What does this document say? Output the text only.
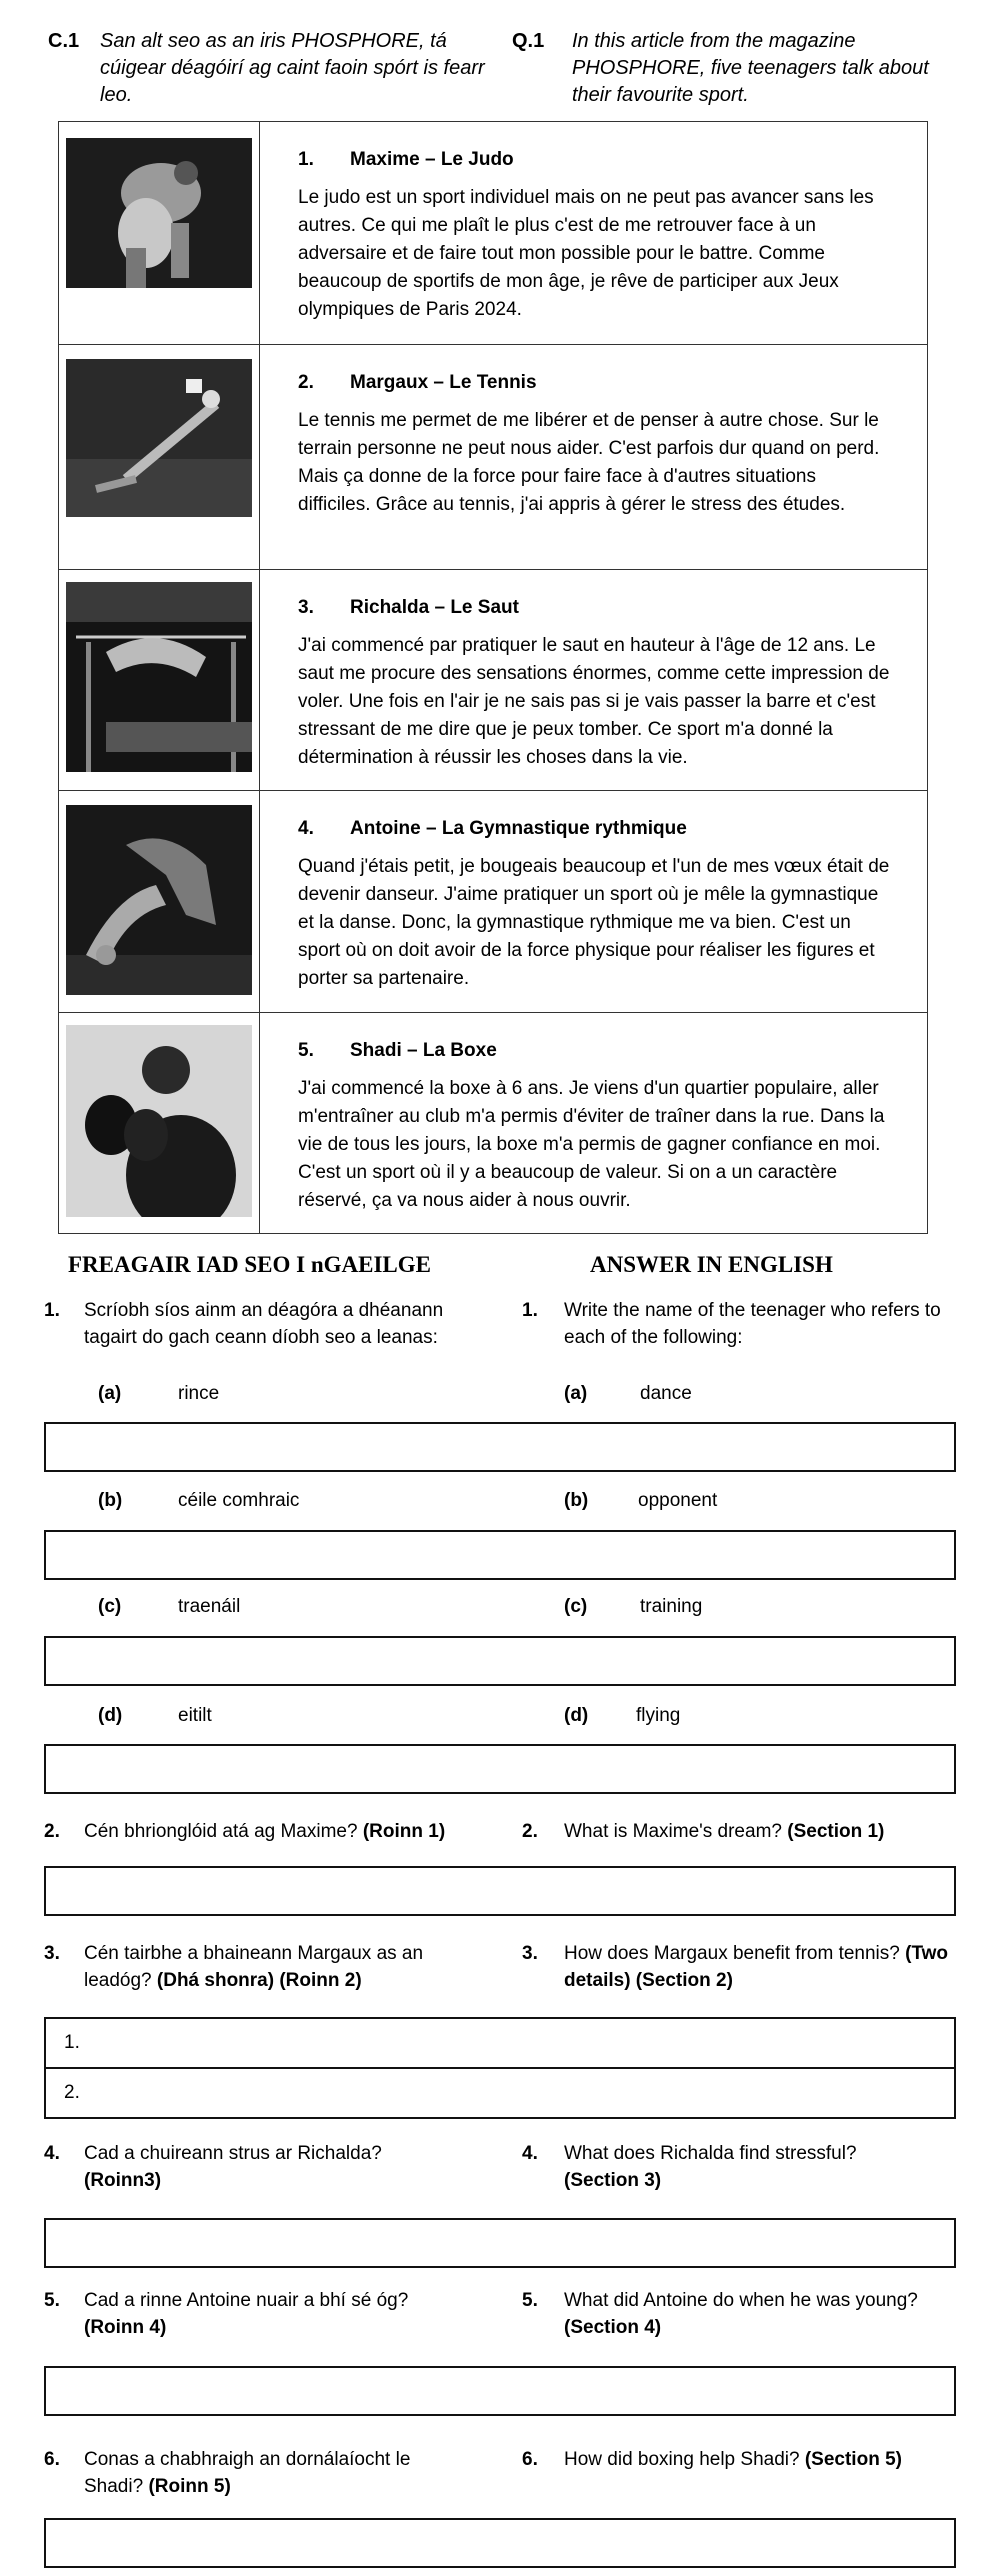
C.1 San alt seo as an iris PHOSPHORE, tá cúigear déagóirí ag caint faoin spórt is fearr leo.
Q.1 In this article from the magazine PHOSPHORE, five teenagers talk about their favourite sport.

1. Maxime – Le Judo
Le judo est un sport individuel mais on ne peut pas avancer sans les autres. Ce qui me plaît le plus c'est de me retrouver face à un adversaire et de faire tout mon possible pour le battre. Comme beaucoup de sportifs de mon âge, je rêve de participer aux Jeux olympiques de Paris 2024.

2. Margaux – Le Tennis
Le tennis me permet de me libérer et de penser à autre chose. Sur le terrain personne ne peut nous aider. C'est parfois dur quand on perd. Mais ça donne de la force pour faire face à d'autres situations difficiles. Grâce au tennis, j'ai appris à gérer le stress des études.

3. Richalda – Le Saut
J'ai commencé par pratiquer le saut en hauteur à l'âge de 12 ans. Le saut me procure des sensations énormes, comme cette impression de voler. Une fois en l'air je ne sais pas si je vais passer la barre et c'est stressant de me dire que je peux tomber. Ce sport m'a donné la détermination à réussir les choses dans la vie.

4. Antoine – La Gymnastique rythmique
Quand j'étais petit, je bougeais beaucoup et l'un de mes vœux était de devenir danseur. J'aime pratiquer un sport où je mêle la gymnastique et la danse. Donc, la gymnastique rythmique me va bien. C'est un sport où on doit avoir de la force physique pour réaliser les figures et porter sa partenaire.

5. Shadi – La Boxe
J'ai commencé la boxe à 6 ans. Je viens d'un quartier populaire, aller m'entraîner au club m'a permis d'éviter de traîner dans la rue. Dans la vie de tous les jours, la boxe m'a permis de gagner confiance en moi. C'est un sport où il y a beaucoup de valeur. Si on a un caractère réservé, ça va nous aider à nous ouvrir.
FREAGAIR IAD SEO I nGAEILGE	ANSWER IN ENGLISH
1. Scríobh síos ainm an déagóra a dhéanann tagairt do gach ceann díobh seo a leanas:
1. Write the name of the teenager who refers to each of the following:
(a)	rince	(a)	dance
(b)	céile comhraic	(b)	opponent
(c)	traenáil	(c)	training
(d)	eitilt	(d)	flying
2. Cén bhrionglóid atá ag Maxime? (Roinn 1)	2. What is Maxime's dream? (Section 1)
3. Cén tairbhe a bhaineann Margaux as an leadóg? (Dhá shonra) (Roinn 2)
3. How does Margaux benefit from tennis? (Two details) (Section 2)
1.
2.
4. Cad a chuireann strus ar Richalda?
(Roinn3)
4. What does Richalda find stressful?
(Section 3)
5. Cad a rinne Antoine nuair a bhí sé óg?
(Roinn 4)
5. What did Antoine do when he was young? (Section 4)
6. Conas a chabhraigh an dornálaíocht le Shadi? (Roinn 5)
6. How did boxing help Shadi? (Section 5)
